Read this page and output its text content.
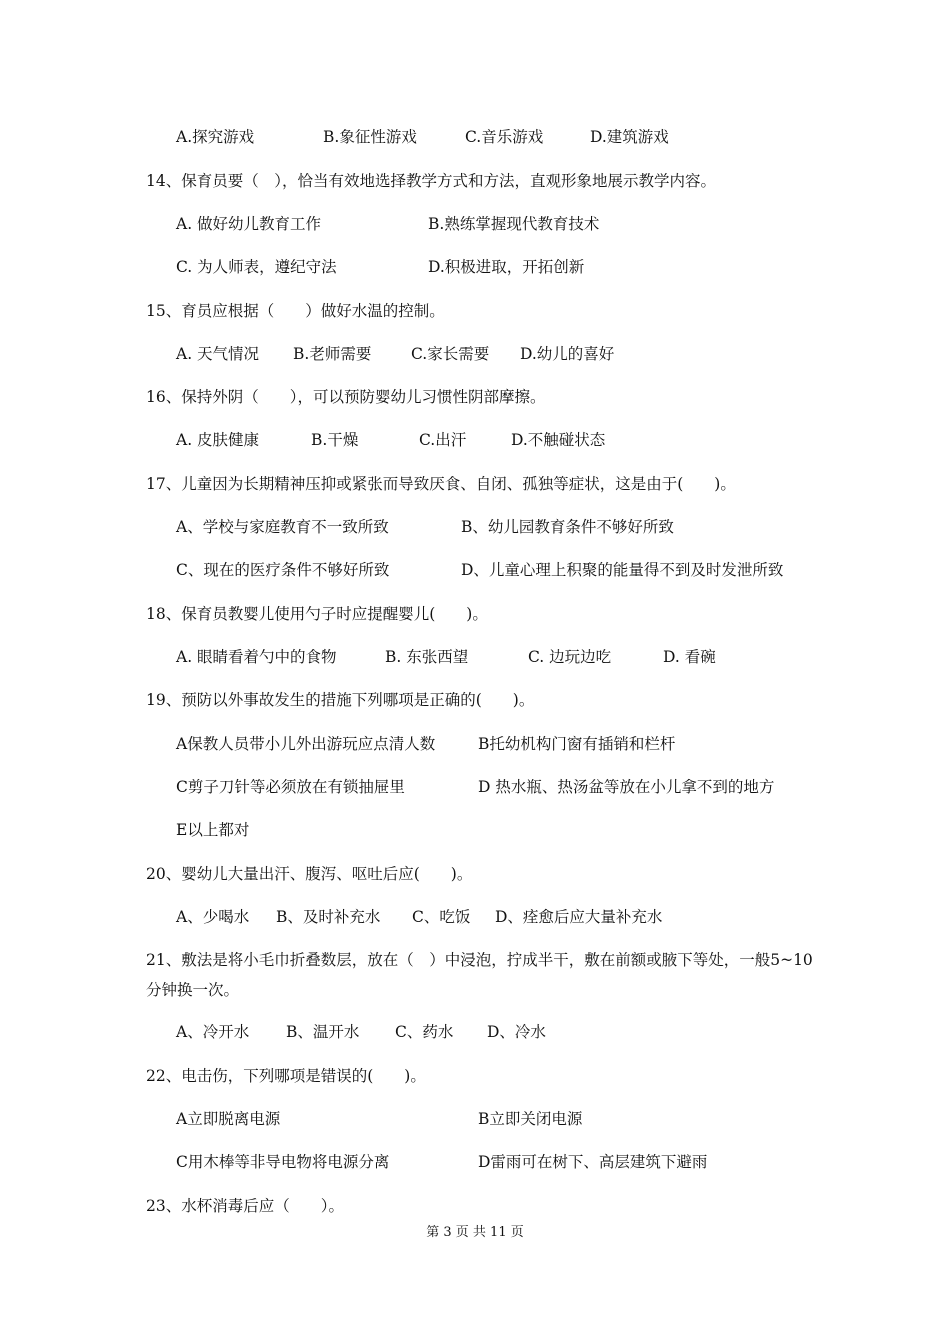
A.探究游戏	B.象征性游戏	C.音乐游戏	D.建筑游戏
14、保育员要（　），恰当有效地选择教学方式和方法，直观形象地展示教学内容。
A. 做好幼儿教育工作	B.熟练掌握现代教育技术
C. 为人师表，遵纪守法	D.积极进取，开拓创新
15、育员应根据（　　）做好水温的控制。
A. 天气情况 B.老师需要	C.家长需要 D.幼儿的喜好
16、保持外阴（　　），可以预防婴幼儿习惯性阴部摩擦。
A. 皮肤健康	B.干燥	C.出汗	D.不触碰状态
17、儿童因为长期精神压抑或紧张而导致厌食、自闭、孤独等症状，这是由于(　　)。
A、学校与家庭教育不一致所致	B、幼儿园教育条件不够好所致
C、现在的医疗条件不够好所致	D、儿童心理上积聚的能量得不到及时发泄所致
18、保育员教婴儿使用勺子时应提醒婴儿(　　)。
A. 眼睛看着勺中的食物	B. 东张西望	C. 边玩边吃	D. 看碗
19、预防以外事故发生的措施下列哪项是正确的(　　)。
A保教人员带小儿外出游玩应点清人数	B托幼机构门窗有插销和栏杆
C剪子刀针等必须放在有锁抽屉里	D 热水瓶、热汤盆等放在小儿拿不到的地方
E以上都对
20、婴幼儿大量出汗、腹泻、呕吐后应(　　)。
A、少喝水 B、及时补充水 C、吃饭 D、痊愈后应大量补充水
21、敷法是将小毛巾折叠数层，放在（　）中浸泡，拧成半干，敷在前额或腋下等处，一般5~10分钟换一次。
A、冷开水 B、温开水 C、药水 D、冷水
22、电击伤，下列哪项是错误的(　　)。
A立即脱离电源	B立即关闭电源
C用木棒等非导电物将电源分离	D雷雨可在树下、高层建筑下避雨
23、水杯消毒后应（　　）。
第 3 页 共 11 页
